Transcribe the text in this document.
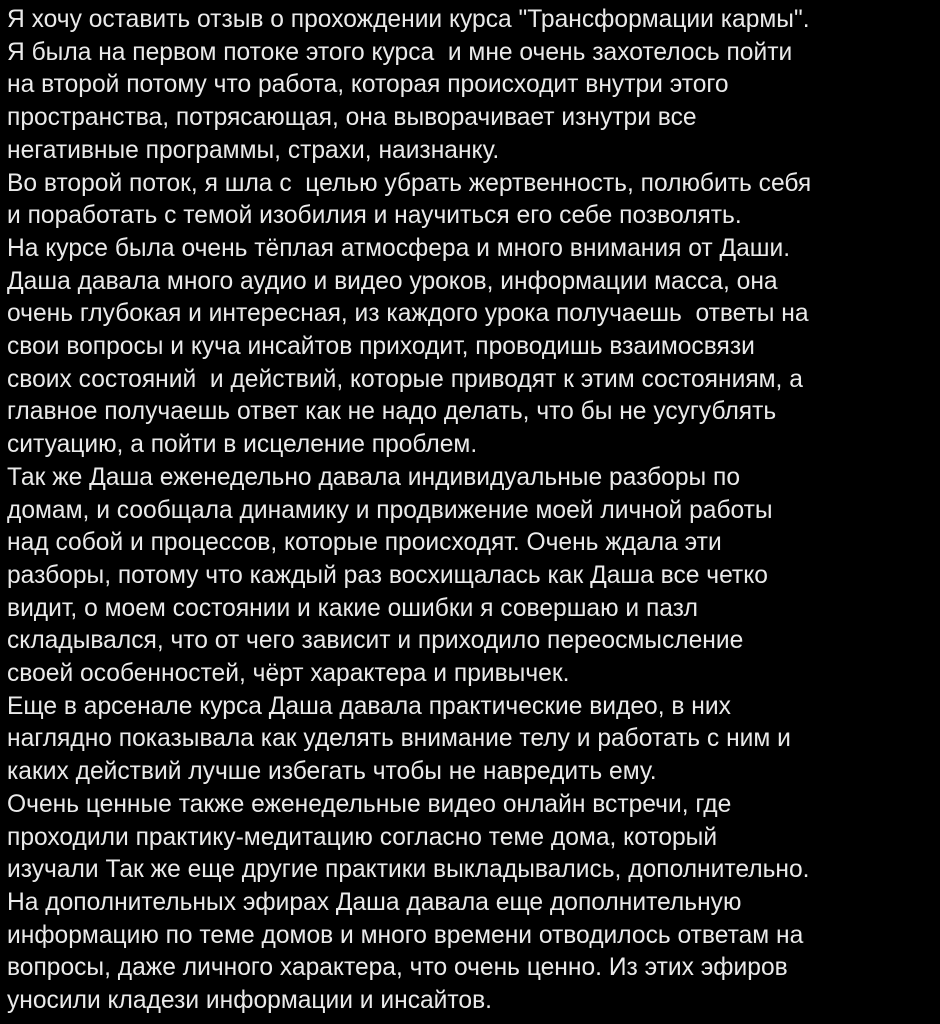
Я хочу оставить отзыв о прохождении курса "Трансформации кармы".
Я была на первом потоке этого курса  и мне очень захотелось пойти
на второй потому что работа, которая происходит внутри этого
пространства, потрясающая, она выворачивает изнутри все
негативные программы, страхи, наизнанку.
Во второй поток, я шла с  целью убрать жертвенность, полюбить себя
и поработать с темой изобилия и научиться его себе позволять.
На курсе была очень тёплая атмосфера и много внимания от Даши.
Даша давала много аудио и видео уроков, информации масса, она
очень глубокая и интересная, из каждого урока получаешь  ответы на
свои вопросы и куча инсайтов приходит, проводишь взаимосвязи
своих состояний  и действий, которые приводят к этим состояниям, а
главное получаешь ответ как не надо делать, что бы не усугублять
ситуацию, а пойти в исцеление проблем.
Так же Даша еженедельно давала индивидуальные разборы по
домам, и сообщала динамику и продвижение моей личной работы
над собой и процессов, которые происходят. Очень ждала эти
разборы, потому что каждый раз восхищалась как Даша все четко
видит, о моем состоянии и какие ошибки я совершаю и пазл
складывался, что от чего зависит и приходило переосмысление
своей особенностей, чёрт характера и привычек.
Еще в арсенале курса Даша давала практические видео, в них
наглядно показывала как уделять внимание телу и работать с ним и
каких действий лучше избегать чтобы не навредить ему.
Очень ценные также еженедельные видео онлайн встречи, где
проходили практику-медитацию согласно теме дома, который
изучали Так же еще другие практики выкладывались, дополнительно.
На дополнительных эфирах Даша давала еще дополнительную
информацию по теме домов и много времени отводилось ответам на
вопросы, даже личного характера, что очень ценно. Из этих эфиров
уносили кладези информации и инсайтов.
